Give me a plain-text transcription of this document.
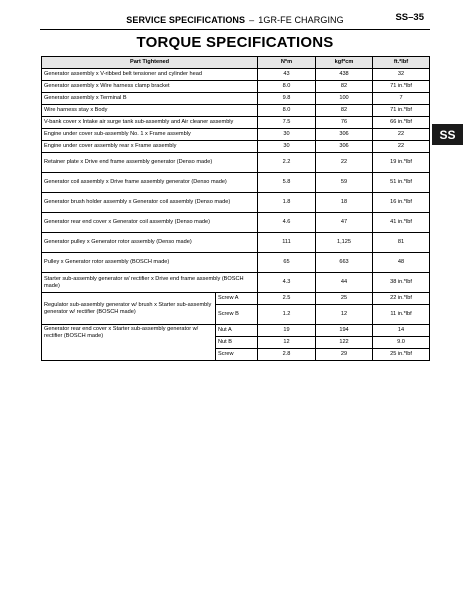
SERVICE SPECIFICATIONS – 1GR-FE CHARGING	SS–35
TORQUE SPECIFICATIONS
SS
Part Tightened		N*m	kgf*cm	ft.*lbf
Generator assembly x V-ribbed belt tensioner and cylinder head		43	438	32
Generator assembly x Wire harness clamp bracket		8.0	82	71 in.*lbf
Generator assembly x Terminal B		9.8	100	7
Wire harness stay x Body		8.0	82	71 in.*lbf
V-bank cover x Intake air surge tank sub-assembly and Air cleaner assembly		7.5	76	66 in.*lbf
Engine under cover sub-assembly No. 1 x Frame assembly		30	306	22
Engine under cover assembly rear x Frame assembly		30	306	22
Retainer plate x Drive end frame assembly generator (Denso made)		2.2	22	19 in.*lbf
Generator coil assembly x Drive frame assembly generator (Denso made)		5.8	59	51 in.*lbf
Generator brush holder assembly x Generator coil assembly (Denso made)		1.8	18	16 in.*lbf
Generator rear end cover x Generator coil assembly (Denso made)		4.6	47	41 in.*lbf
Generator pulley x Generator rotor assembly (Denso made)		111	1,125	81
Pulley x Generator rotor assembly (BOSCH made)		65	663	48
Starter sub-assembly generator w/ rectifier x Drive end frame assembly (BOSCH made)		4.3	44	38 in.*lbf
Regulator sub-assembly generator w/ brush x Starter sub-assembly generator w/ rectifier (BOSCH made)	Screw A	2.5	25	22 in.*lbf
	Screw B	1.2	12	11 in.*lbf
Generator rear end cover x Starter sub-assembly generator w/ rectifier (BOSCH made)	Nut A	19	194	14
	Nut B	12	122	9.0
	Screw	2.8	29	25 in.*lbf
